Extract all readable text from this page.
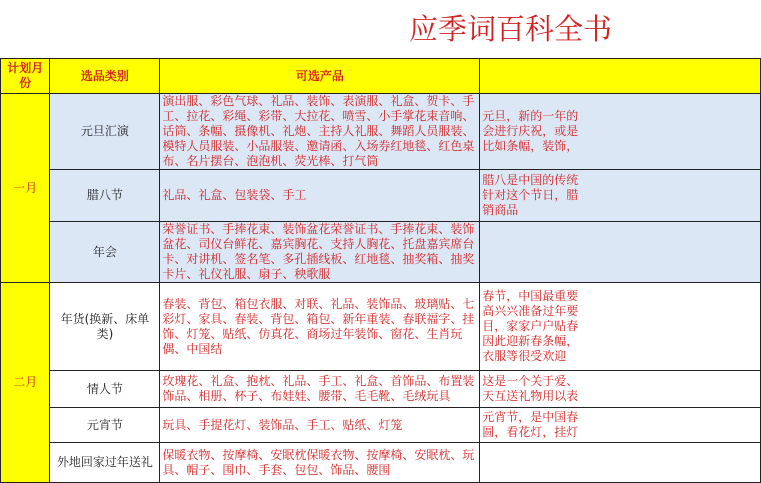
应季词百科全书
计划月份	选品类别	可选产品	
一月	元旦汇演	演出服、彩色气球、礼品、装饰、表演服、礼盒、贺卡、手工、拉花、彩绳、彩带、大拉花、喷雪、小手掌花束音响、话筒、条幅、摄像机、礼炮、主持人礼服、舞蹈人员服装、模特人员服装、小品服装、邀请函、入场券红地毯、红色桌布、名片摆台、泡泡机、荧光棒、打气筒	元旦，新的一年的
会进行庆祝，或是
比如条幅，装饰，

	腊八节	礼品、礼盒、包装袋、手工	腊八是中国的传统
针对这个节日，腊
销商品

	年会	荣誉证书、手捧花束、装饰盆花荣誉证书、手捧花束、装饰盆花、司仪台鲜花、嘉宾胸花、支持人胸花、托盘嘉宾席台卡、对讲机、签名笔、多孔插线板、红地毯、抽奖箱、抽奖卡片、礼仪礼服、扇子、秧歌服	
二月	年货(换新、床单类)	春装、背包、箱包衣服、对联、礼品、装饰品、玻璃贴、七彩灯、家具、春装、背包、箱包、新年重装、春联福字、挂饰、灯笼、贴纸、仿真花、商场过年装饰、窗花、生肖玩偶、中国结	春节，中国最重要
高兴兴准备过年要
目，家家户户贴春
因此迎新春条幅，
衣服等很受欢迎

	情人节	玫瑰花、礼盒、抱枕、礼品、手工、礼盒、首饰品、布置装饰品、相册、杯子、布娃娃、腰带、毛毛靴、毛绒玩具	这是一个关于爱、
天互送礼物用以表

	元宵节	玩具、手提花灯、装饰品、手工、贴纸、灯笼	元宵节，是中国春
圆，看花灯，挂灯

	外地回家过年送礼	保暖衣物、按摩椅、安眠枕保暖衣物、按摩椅、安眠枕、玩具、帽子、围巾、手套、包包、饰品、腰围	
